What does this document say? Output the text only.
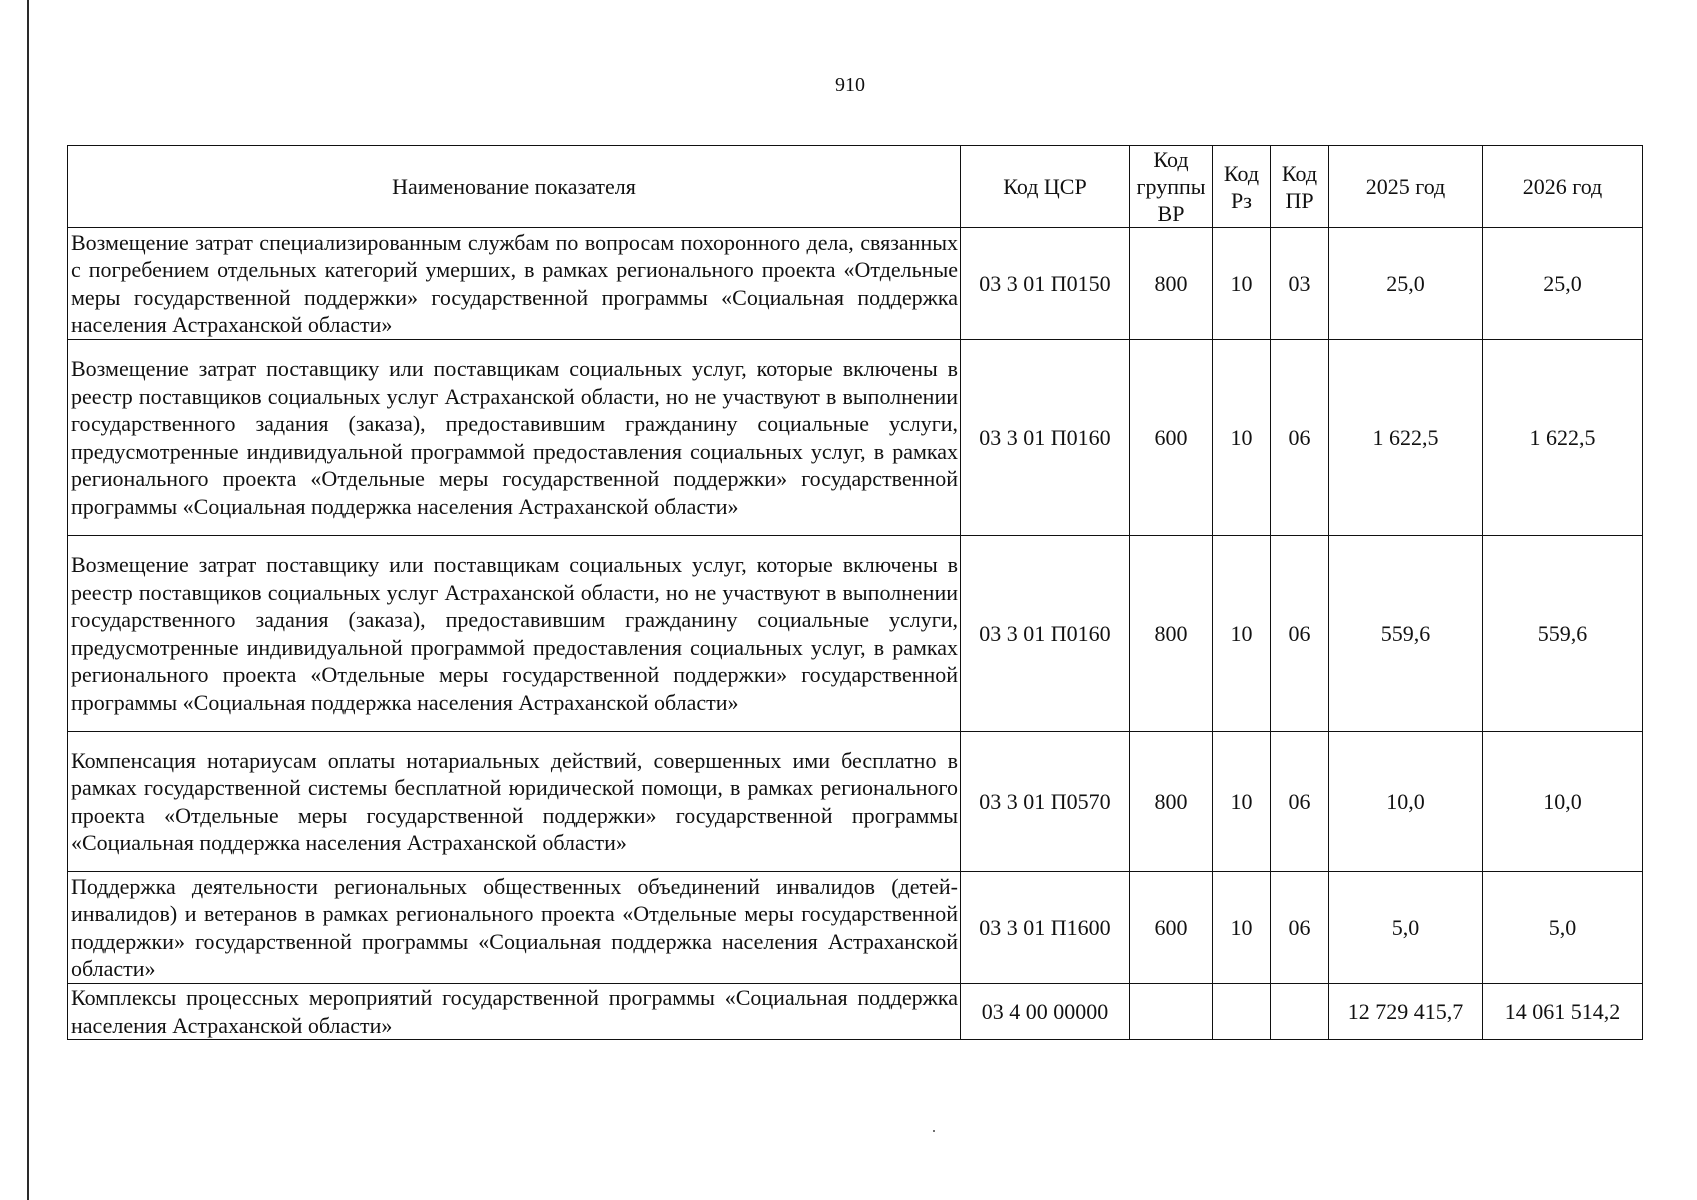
910
Наименование показателя	Код ЦСР	Код группы ВР	Код Рз	Код ПР	2025 год	2026 год
Возмещение затрат специализированным службам по вопросам похоронного дела, связанных с погребением отдельных категорий умерших, в рамках регионального проекта «Отдельные меры государственной поддержки» государственной программы «Социальная поддержка населения Астраханской области»	03 3 01 П0150	800	10	03	25,0	25,0
Возмещение затрат поставщику или поставщикам социальных услуг, которые включены в реестр поставщиков социальных услуг Астраханской области, но не участвуют в выполнении государственного задания (заказа), предоставившим гражданину социальные услуги, предусмотренные индивидуальной программой предоставления социальных услуг, в рамках регионального проекта «Отдельные меры государственной поддержки» государственной программы «Социальная поддержка населения Астраханской области»	03 3 01 П0160	600	10	06	1 622,5	1 622,5
Возмещение затрат поставщику или поставщикам социальных услуг, которые включены в реестр поставщиков социальных услуг Астраханской области, но не участвуют в выполнении государственного задания (заказа), предоставившим гражданину социальные услуги, предусмотренные индивидуальной программой предоставления социальных услуг, в рамках регионального проекта «Отдельные меры государственной поддержки» государственной программы «Социальная поддержка населения Астраханской области»	03 3 01 П0160	800	10	06	559,6	559,6
Компенсация нотариусам оплаты нотариальных действий, совершенных ими бесплатно в рамках государственной системы бесплатной юридической помощи, в рамках регионального проекта «Отдельные меры государственной поддержки» государственной программы «Социальная поддержка населения Астраханской области»	03 3 01 П0570	800	10	06	10,0	10,0
Поддержка деятельности региональных общественных объединений инвалидов (детей-инвалидов) и ветеранов в рамках регионального проекта «Отдельные меры государственной поддержки» государственной программы «Социальная поддержка населения Астраханской области»	03 3 01 П1600	600	10	06	5,0	5,0
Комплексы процессных мероприятий государственной программы «Социальная поддержка населения Астраханской области»	03 4 00 00000				12 729 415,7	14 061 514,2
